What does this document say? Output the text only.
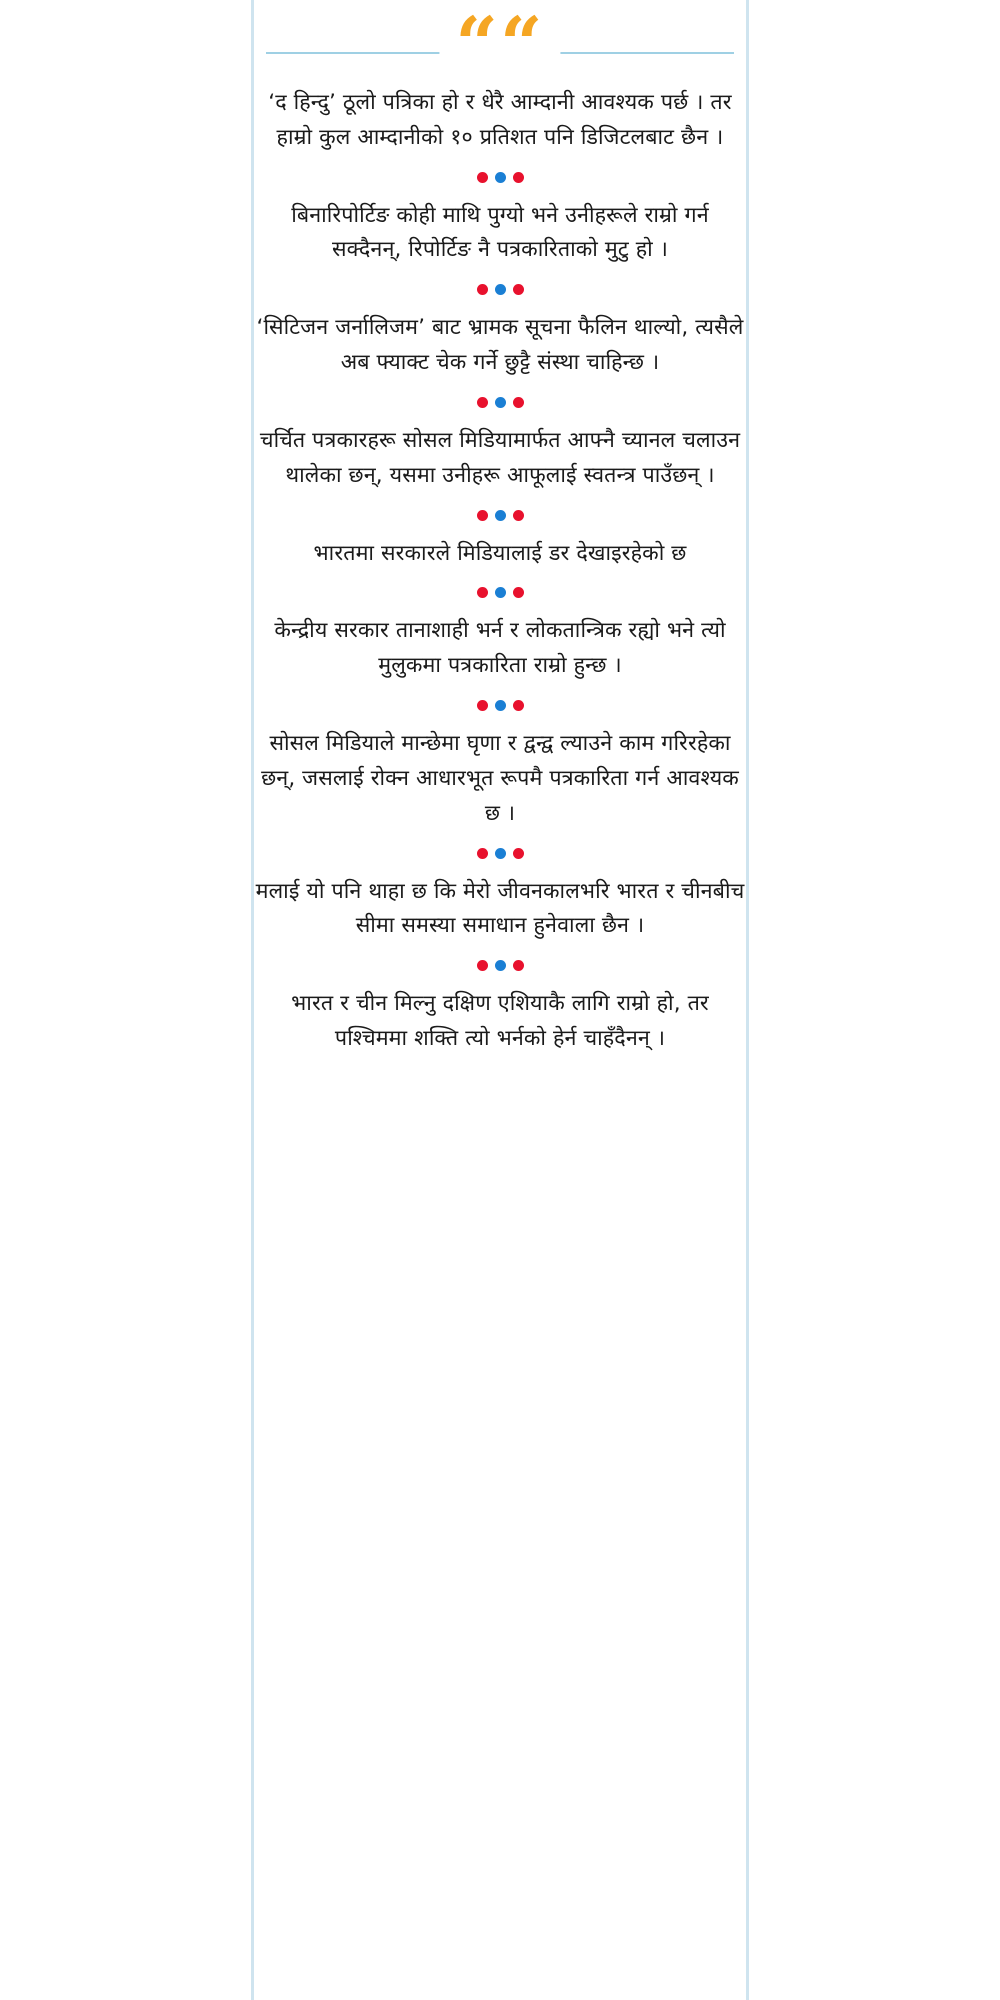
““
‘द हिन्दु’ ठूलो पत्रिका हो र धेरै आम्दानी आवश्यक पर्छ । तर हाम्रो कुल आम्दानीको १० प्रतिशत पनि डिजिटलबाट छैन ।
बिनारिपोर्टिङ कोही माथि पुग्यो भने उनीहरूले राम्रो गर्न सक्दैनन्, रिपोर्टिङ नै पत्रकारिताको मुटु हो ।
‘सिटिजन जर्नालिजम’ बाट भ्रामक सूचना फैलिन थाल्यो, त्यसैले अब फ्याक्ट चेक गर्ने छुट्टै संस्था चाहिन्छ ।
चर्चित पत्रकारहरू सोसल मिडियामार्फत आफ्नै च्यानल चलाउन थालेका छन्, यसमा उनीहरू आफूलाई स्वतन्त्र पाउँछन् ।
भारतमा सरकारले मिडियालाई डर देखाइरहेको छ
केन्द्रीय सरकार तानाशाही भर्न र लोकतान्त्रिक रह्यो भने त्यो मुलुकमा पत्रकारिता राम्रो हुन्छ ।
सोसल मिडियाले मान्छेमा घृणा र द्वन्द्व ल्याउने काम गरिरहेका छन्, जसलाई रोक्न आधारभूत रूपमै पत्रकारिता गर्न आवश्यक छ ।
मलाई यो पनि थाहा छ कि मेरो जीवनकालभरि भारत र चीनबीच सीमा समस्या समाधान हुनेवाला छैन ।
भारत र चीन मिल्नु दक्षिण एशियाकै लागि राम्रो हो, तर पश्चिममा शक्ति त्यो भर्नको हेर्न चाहँदैनन् ।
